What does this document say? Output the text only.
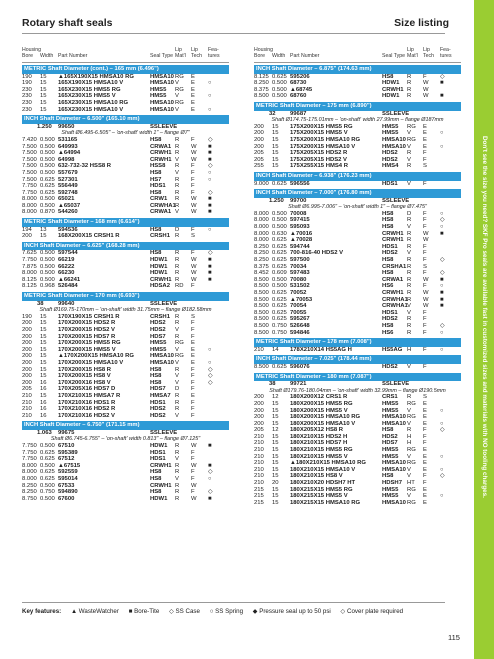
Rotary shaft seals	Size listing
Housing
Bore Width Part Number	Seal Type
Lip Mat'l
Lip Tech
Fea- tures
METRIC Shaft Diameter (cont.) – 165 mm (6.496")
190 15 ▲165X190X15 HMSA10 RG	HMSA10 RG E
190 15 165X190X15 HMSA10 V	HMSA10 V E ○
230 15 165X230X15 HMS5 RG	HMS5 RG E
230 15 165X230X15 HMS5 V	HMS5 V E ○
230 15 165X230X15 HMSA10 RG	HMSA10 RG E
230 15 165X230X15 HMSA10 V	HMSA10 V E ○
INCH Shaft Diameter – 6.500" (165.10 mm)
1.250 99650	SSLEEVE
Shaft Ø6.495-6.505" – 'on-shaft' width 1" – flange Ø7"
7.420 0.500 531165	HS8 R F ◇
7.500 0.500 649993	CRWA1 R W ■
7.500 0.500 ▲64994	CRWH1 R W ■
7.500 0.500 64998	CRWH1 V W ■
7.500 0.500 632-732-32 HSS8 R	HSS8 R F ◇
7.500 0.500 557679	HS8 V F ○
7.500 0.625 527301	HS7 R F ○
7.750 0.625 556449	HDS1 R F
7.750 0.625 592748	HS8 R F ◇
8.000 0.500 65021	CRW1 R W ■
8.000 0.500 ▲65037	CRWHA1 R W ■
8.000 0.870 544260	CRWA1 V W ■
METRIC Shaft Diameter – 168 mm (6.614")
194 13 594536	HS8 D F ○
200 15 168X200X15 CRSH1 R	CRSH1 R S
INCH Shaft Diameter – 6.625" (168.28 mm)
7.625 0.500 597544	HS8 R F ◇
7.750 0.500 66219	HDW1 R W ■
7.875 0.500 66222	HDW1 R W ■
8.000 0.500 66230	HDW1 R W ■
8.125 0.500 ▲66241	CRWH1 R W ■
8.125 0.968 526484	HDSA2 RD F
METRIC Shaft Diameter – 170 mm (6.693")
38 99640	SSLEEVE
Shaft Ø169.75-170mm – 'on-shaft' width 31.75mm – flange Ø182.58mm
190 15 170X190X15 CRSH1 R	CRSH1 R S
200 15 170X200X15 HDS2 R	HDS2 R F
200 15 170X200X15 HDS2 V	HDS2 V F
200 15 170X200X15 HDS7 R	HDS7 R F
200 15 170X200X15 HMS5 RG	HMS5 RG E
200 15 170X200X15 HMS5 V	HMS5 V E ○
200 15 ▲170X200X15 HMSA10 RG	HMSA10 RG E
200 15 170X200X15 HMSA10 V	HMSA10 V E ○
200 15 170X200X15 HS8 R	HS8 R F ◇
200 15 170X200X15 HS8 V	HS8 V F ◇
200 16 170X200X16 HS8 V	HS8 V F ◇
205 16 170X205X16 HDS7 D	HDS7 D F
210 15 170X210X15 HMSA7 R	HMSA7 R E
210 16 170X210X16 HDS1 R	HDS1 R F
210 16 170X210X16 HDS2 R	HDS2 R F
210 16 170X210X16 HDS2 V	HDS2 V F
INCH Shaft Diameter – 6.750" (171.15 mm)
1.063 99675	SSLEEVE
Shaft Ø6.745-6.755" – 'on-shaft' width 0.813" – flange Ø7.125"
7.750 0.500 67510	HDW1 R W ■
7.750 0.625 595389	HDS1 R F
7.750 0.625 67512	HDS1 V F
8.000 0.500 ▲67515	CRWH1 R W ■
8.000 0.625 592559	HS8 R F ◇
8.000 0.625 595014	HS8 V F ○
8.250 0.500 67533	CRWH1 R W
8.250 0.750 594890	HS8 R F ◇
8.750 0.500 67600	HDW1 R W ■
Housing
Bore Width Part Number	Seal Type
Lip Mat'l
Lip Tech
Fea- tures
INCH Shaft Diameter – 6.875" (174.63 mm)
8.125 0.625 595206	HS8 R F ◇
8.250 0.500 68730	HDW1 R W ■
8.375 0.500 ▲68745	CRWH1 R W
8.500 0.500 68760	HDW1 R W ■
METRIC Shaft Diameter – 175 mm (6.890")
32 99687	SSLEEVE
Shaft Ø174.75-175.01mm – 'on-shaft' width 27.99mm – flange Ø187mm
200 15 175X200X15 HMS5 RG	HMS5 RG E
200 15 175X200X15 HMS5 V	HMS5 V E ○
200 15 175X200X15 HMSA10 RG	HMSA10 RG E
200 15 175X200X15 HMSA10 V	HMSA10 V E ○
205 15 175X205X15 HDS2 R	HDS2 R F
205 15 175X205X15 HDS2 V	HDS2 V F
255 15 175X255X15 HMS4 R	HMS4 R S
INCH Shaft Diameter – 6.938" (176.23 mm)
9.000 0.625 596556	HDS1 V F
INCH Shaft Diameter – 7.000" (176.80 mm)
1.250 99700	SSLEEVE
Shaft Ø6.995-7.006" – 'on-shaft' width 1" – flange Ø7.475"
8.000 0.500 70008	HS8 D F ○
8.000 0.500 597415	HS8 R F ◇
8.000 0.500 595093	HS8 V F ○
8.000 0.630 ▲70016	CRWH1 R W ■
8.000 0.625 ▲70028	CRWH1 R W
8.250 0.625 594744	HDS1 R F
8.250 0.625 700-816-40 HDS2 V	HDS2 V F
8.250 0.625 597500	HS8 R F ◇
8.375 0.625 70034	CRSHA1 R S
8.452 0.609 597483	HS8 R F ◇
8.500 0.500 70080	CRWA1 R W ■
8.500 0.500 531502	HS6 R F ○
8.500 0.625 70052	CRWH1 R W ■
8.500 0.625 ▲70053	CRWHA1 R W ■
8.500 0.625 70054	CRWHA1 V W ■
8.500 0.625 70055	HDS1 V F
8.500 0.625 595267	HDS2 R F
8.500 0.750 526648	HS8 R F ◇
8.500 0.750 594846	HS6 R F ○
METRIC Shaft Diameter – 178 mm (7.008")
210 14 178X210X14 HS5AG H	HS5AG H F ○
INCH Shaft Diameter – 7.025" (178.44 mm)
8.500 0.625 596076	HDS2 V F
METRIC Shaft Diameter – 180 mm (7.087")
38 99721	SSLEEVE
Shaft Ø179.76-180.04mm – 'on-shaft' width 32.99mm – flange Ø190.5mm
200 12 180X200X12 CRS1 R	CRS1 R S
200 15 180X200X15 HMS5 RG	HMS5 RG E
200 15 180X200X15 HMS5 V	HMS5 V E ○
200 15 180X200X15 HMSA10 RG	HMSA10 RG E
200 15 180X200X15 HMSA10 V	HMSA10 V E ○
205 12 180X205X12 HS8 R	HS8 R F ◇
210 15 180X210X15 HDS2 H	HDS2 H F
210 15 180X210X15 HDS7 H	HDS7 H F
210 15 180X210X15 HMS5 RG	HMS5 RG E
210 15 180X210X15 HMS5 V	HMS5 V E ○
210 15 ▲180X210X15 HMSA10 RG	HMSA10 RG E
210 15 180X210X15 HMSA10 V	HMSA10 V E ○
210 15 180X210X15 HS8 V	HS8 V F ◇
210 20 180X210X20 HDSH7 HT	HDSH7 HT F
215 15 180X215X15 HMS5 RG	HMS5 RG E
215 15 180X215X15 HMS5 V	HMS5 V E ○
215 15 180X215X15 HMSA10 RG	HMSA10 RG E
Key features: ▲ WasteWatcher ■ Bore-Tite ◇ SS Case ○ SS Spring ◆ Pressure seal up to 50 psi ◇ Cover plate required
115
Don't see the size you need? SKF Pro seals are available fast in customized sizes and materials with NO tooling charges.
